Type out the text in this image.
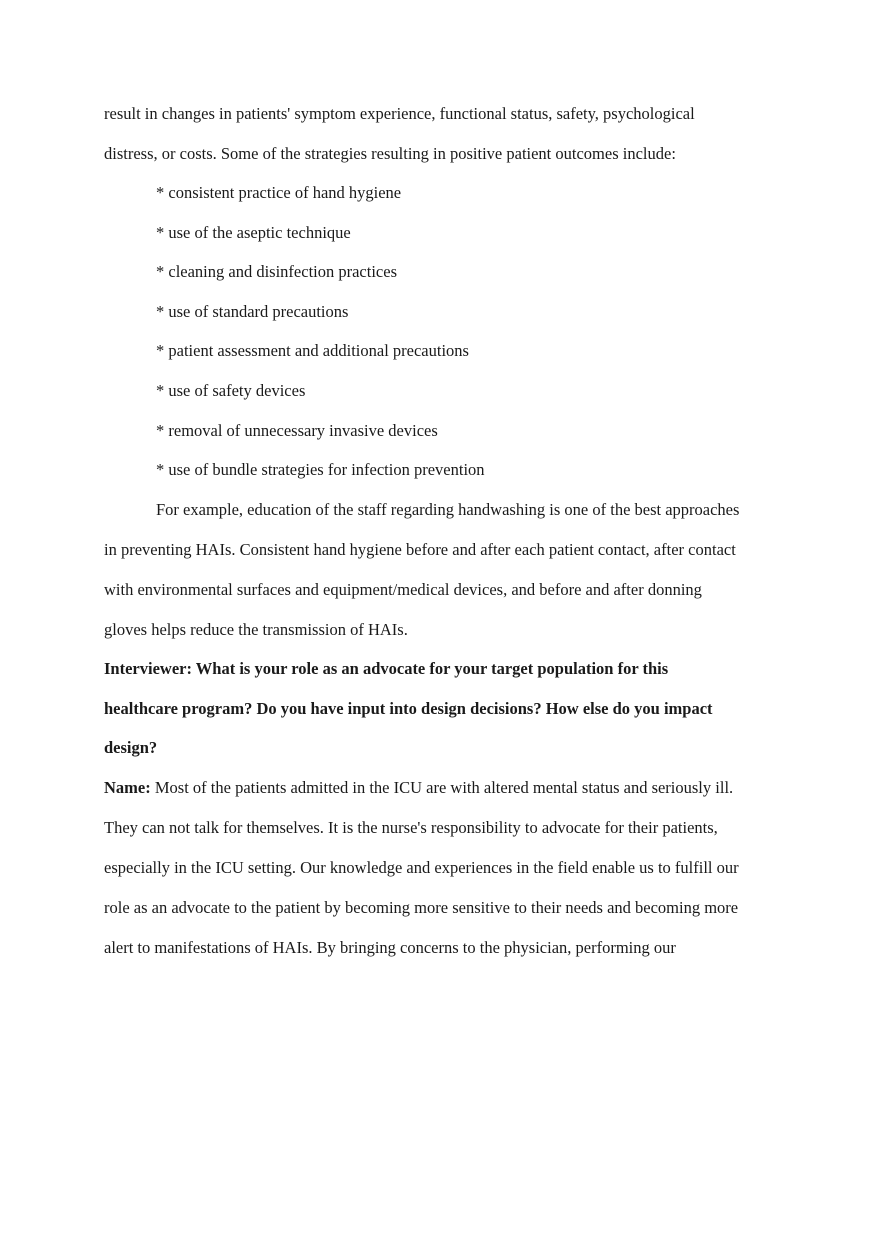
result in changes in patients' symptom experience, functional status, safety, psychological
distress, or costs. Some of the strategies resulting in positive patient outcomes include:
* consistent practice of hand hygiene
* use of the aseptic technique
* cleaning and disinfection practices
* use of standard precautions
* patient assessment and additional precautions
* use of safety devices
* removal of unnecessary invasive devices
* use of bundle strategies for infection prevention
For example, education of the staff regarding handwashing is one of the best approaches
in preventing HAIs. Consistent hand hygiene before and after each patient contact, after contact
with environmental surfaces and equipment/medical devices, and before and after donning
gloves helps reduce the transmission of HAIs.
Interviewer: What is your role as an advocate for your target population for this
healthcare program? Do you have input into design decisions? How else do you impact
design?
Name: Most of the patients admitted in the ICU are with altered mental status and seriously ill.
They can not talk for themselves. It is the nurse's responsibility to advocate for their patients,
especially in the ICU setting. Our knowledge and experiences in the field enable us to fulfill our
role as an advocate to the patient by becoming more sensitive to their needs and becoming more
alert to manifestations of HAIs. By bringing concerns to the physician, performing our
